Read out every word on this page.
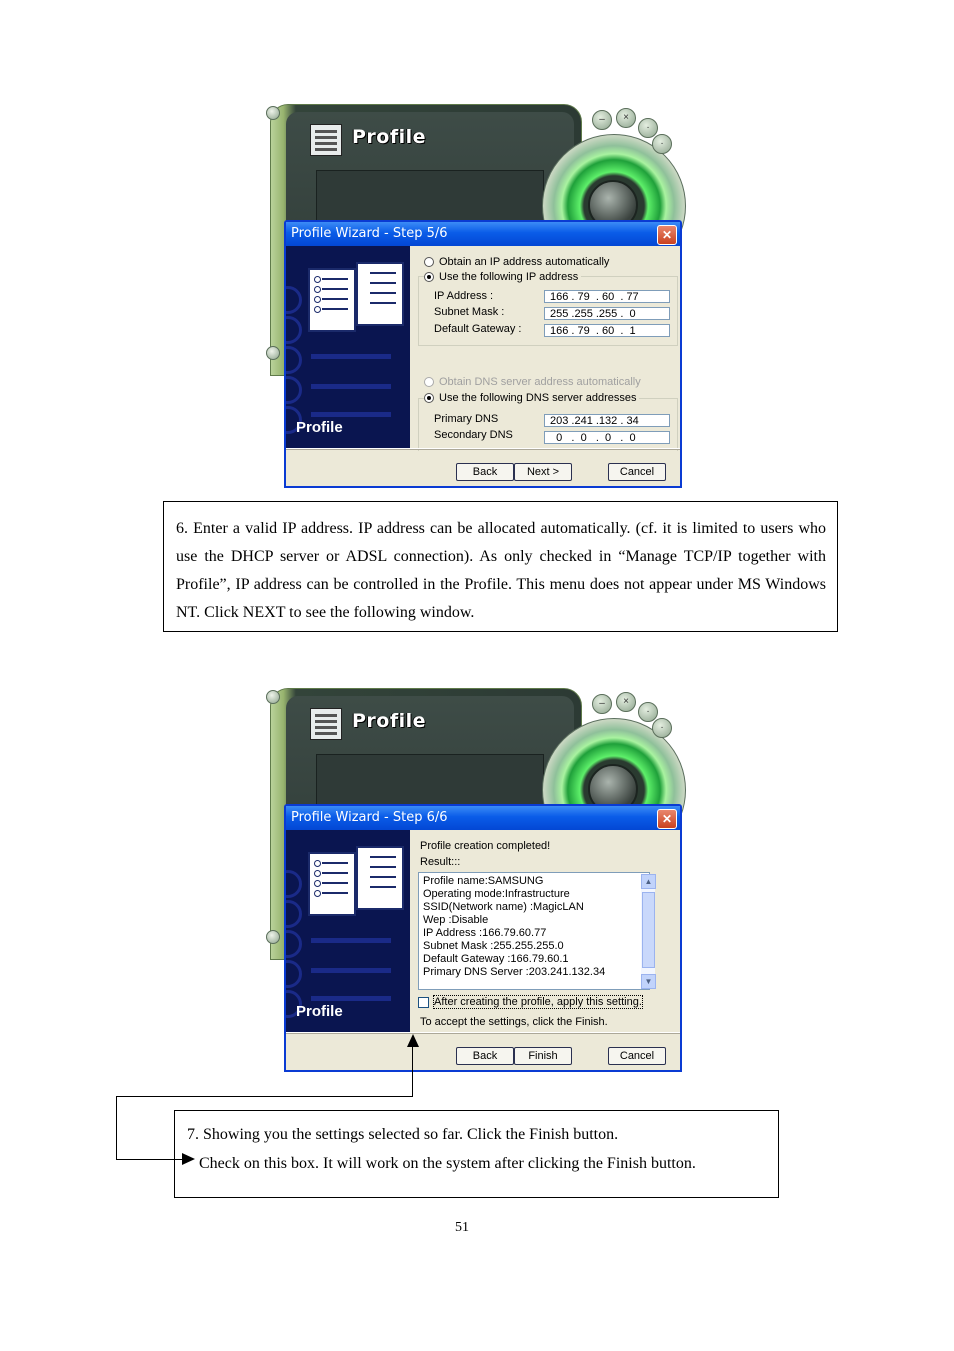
Profile
–	×
·
·
Profile Wizard - Step 5/6	✕
Profile
Obtain an IP address automatically
Use the following IP address
IP Address :	166 . 79  . 60  . 77
Subnet Mask :	255 .255 .255 .  0
Default Gateway :	166 . 79  . 60  .  1
Obtain DNS server address automatically
Use the following DNS server addresses
Primary DNS	203 .241 .132 . 34
Secondary DNS	0   .  0   .  0   .  0
Back	Next >	Cancel
6. Enter a valid IP address. IP address can be allocated automatically. (cf. it is limited to users who use the DHCP server or ADSL connection). As only checked in “Manage TCP/IP together with Profile”, IP address can be controlled in the Profile. This menu does not appear under MS Windows NT. Click NEXT to see the following window.
Profile
–	×
·
·
Profile Wizard - Step 6/6	✕
Profile
Profile creation completed!
Result:::
Profile name:SAMSUNG
Operating mode:Infrastructure
SSID(Network name) :MagicLAN
Wep :Disable
IP Address :166.79.60.77
Subnet Mask :255.255.255.0
Default Gateway :166.79.60.1
Primary DNS Server :203.241.132.34
▲
▼
After creating the profile, apply this setting.
To accept the settings, click the Finish.
Back	Finish	Cancel
7. Showing you the settings selected so far. Click the Finish button.
Check on this box. It will work on the system after clicking the Finish button.
51
